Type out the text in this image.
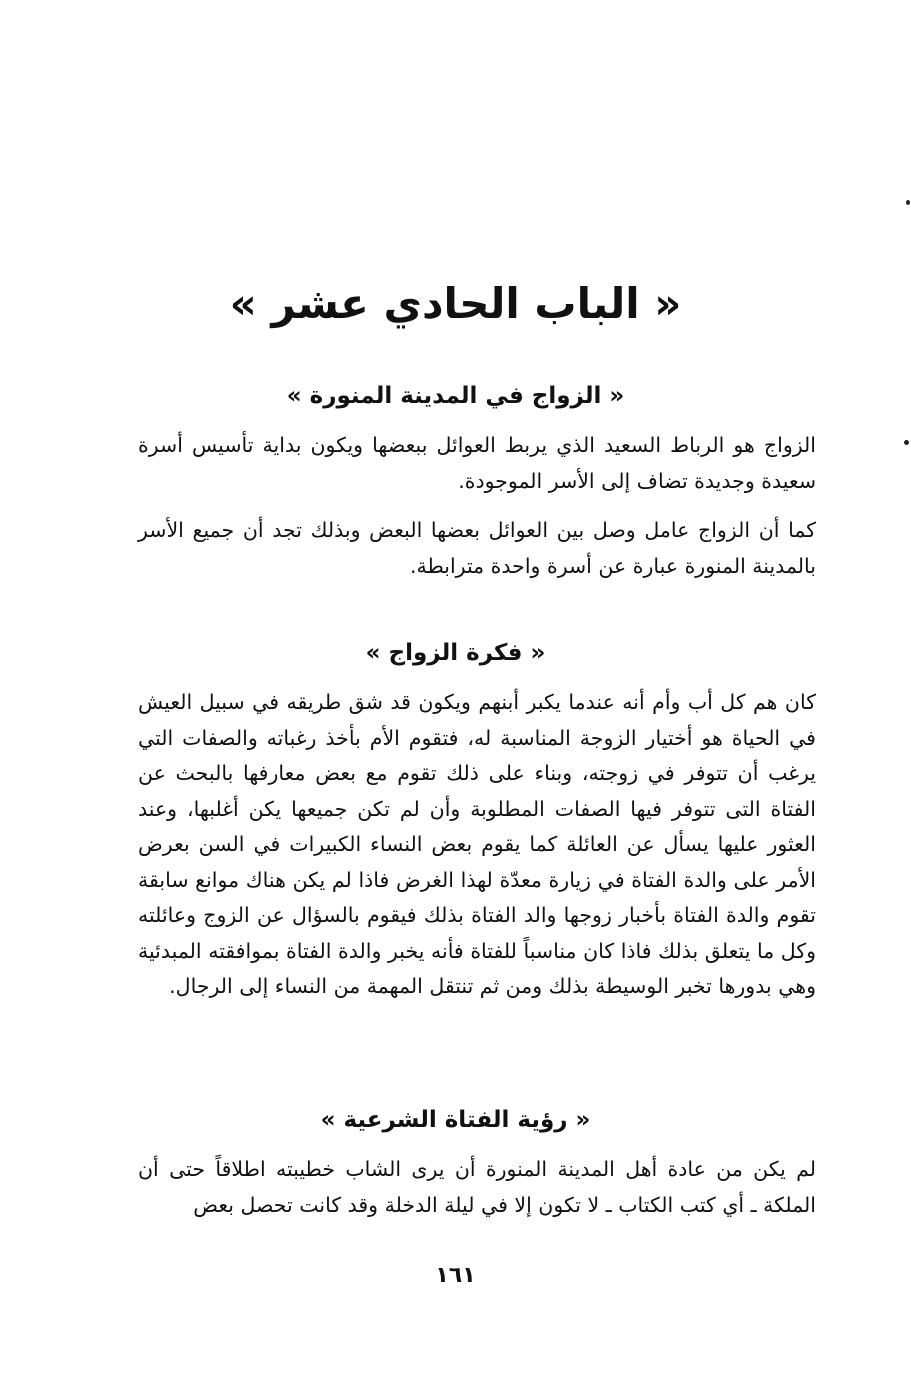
« الباب الحادي عشر »
« الزواج في المدينة المنورة »

الزواج هو الرباط السعيد الذي يربط العوائل ببعضها ويكون بداية تأسيس أسرة سعيدة وجديدة تضاف إلى الأسر الموجودة.

كما أن الزواج عامل وصل بين العوائل بعضها البعض وبذلك تجد أن جميع الأسر بالمدينة المنورة عبارة عن أسرة واحدة مترابطة.

« فكرة الزواج »

كان هم كل أب وأم أنه عندما يكبر أبنهم ويكون قد شق طريقه في سبيل العيش في الحياة هو أختيار الزوجة المناسبة له، فتقوم الأم بأخذ رغباته والصفات التي يرغب أن تتوفر في زوجته، وبناء على ذلك تقوم مع بعض معارفها بالبحث عن الفتاة التى تتوفر فيها الصفات المطلوبة وأن لم تكن جميعها يكن أغلبها، وعند العثور عليها يسأل عن العائلة كما يقوم بعض النساء الكبيرات في السن بعرض الأمر على والدة الفتاة في زيارة معدّة لهذا الغرض فاذا لم يكن هناك موانع سابقة تقوم والدة الفتاة بأخبار زوجها والد الفتاة بذلك فيقوم بالسؤال عن الزوج وعائلته وكل ما يتعلق بذلك فاذا كان مناسباً للفتاة فأنه يخبر والدة الفتاة بموافقته المبدئية وهي بدورها تخبر الوسيطة بذلك ومن ثم تنتقل المهمة من النساء إلى الرجال.

« رؤية الفتاة الشرعية »

لم يكن من عادة أهل المدينة المنورة أن يرى الشاب خطيبته اطلاقاً حتى أن الملكة ـ أي كتب الكتاب ـ لا تكون إلا في ليلة الدخلة وقد كانت تحصل بعض

١٦١
